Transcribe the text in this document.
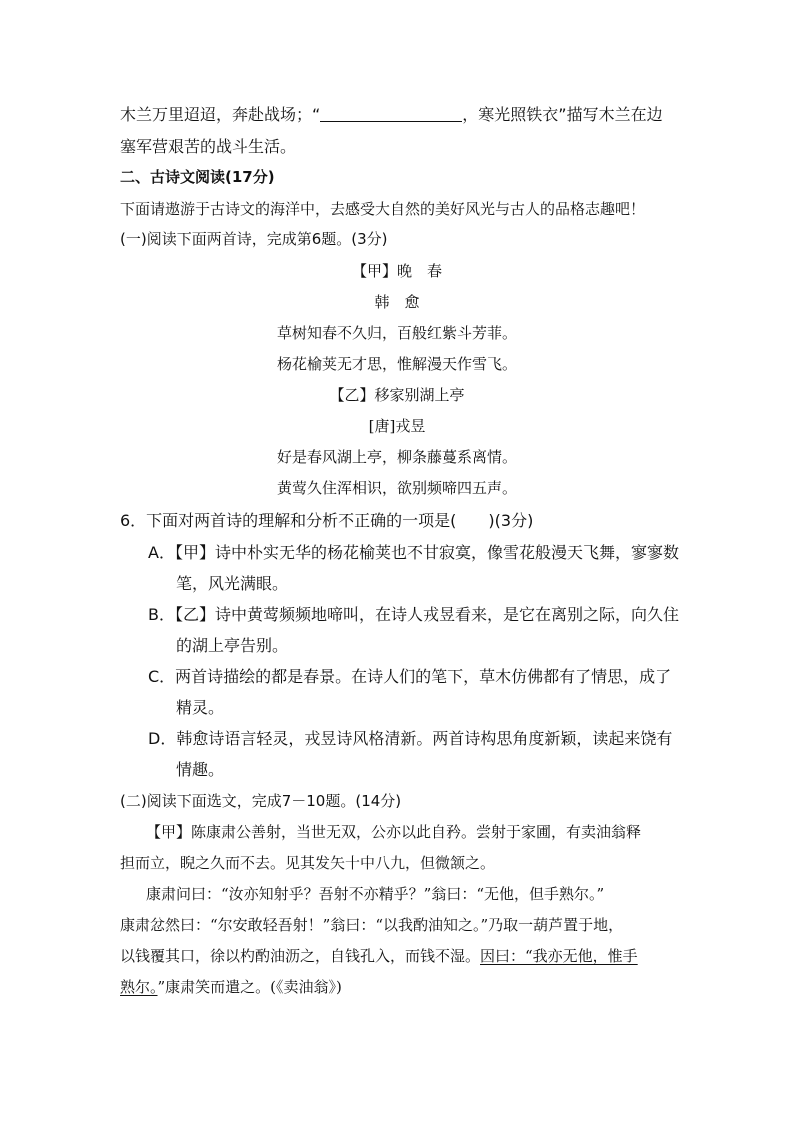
木兰万里迢迢，奔赴战场；“	，寒光照铁衣”描写木兰在边
塞军营艰苦的战斗生活。
二、古诗文阅读(17分)
下面请遨游于古诗文的海洋中，去感受大自然的美好风光与古人的品格志趣吧！
(一)阅读下面两首诗，完成第6题。(3分)
【甲】晚　春
韩　愈
草树知春不久归，百般红紫斗芳菲。
杨花榆荚无才思，惟解漫天作雪飞。
【乙】移家别湖上亭
[唐]戎昱
好是春风湖上亭，柳条藤蔓系离情。
黄莺久住浑相识，欲别频啼四五声。
6．下面对两首诗的理解和分析不正确的一项是(　　)(3分)
A．【甲】诗中朴实无华的杨花榆荚也不甘寂寞，像雪花般漫天飞舞，寥寥数
笔，风光满眼。
B．【乙】诗中黄莺频频地啼叫，在诗人戎昱看来，是它在离别之际，向久住
的湖上亭告别。
C．两首诗描绘的都是春景。在诗人们的笔下，草木仿佛都有了情思，成了
精灵。
D．韩愈诗语言轻灵，戎昱诗风格清新。两首诗构思角度新颖，读起来饶有
情趣。
(二)阅读下面选文，完成7－10题。(14分)
【甲】陈康肃公善射，当世无双，公亦以此自矜。尝射于家圃，有卖油翁释
担而立，睨之久而不去。见其发矢十中八九，但微颔之。
康肃问曰：“汝亦知射乎？吾射不亦精乎？”翁曰：“无他，但手熟尔。”
康肃忿然曰：“尔安敢轻吾射！”翁曰：“以我酌油知之。”乃取一葫芦置于地，
以钱覆其口，徐以杓酌油沥之，自钱孔入，而钱不湿。因曰：“我亦无他，惟手
熟尔。”康肃笑而遣之。(《卖油翁》)
